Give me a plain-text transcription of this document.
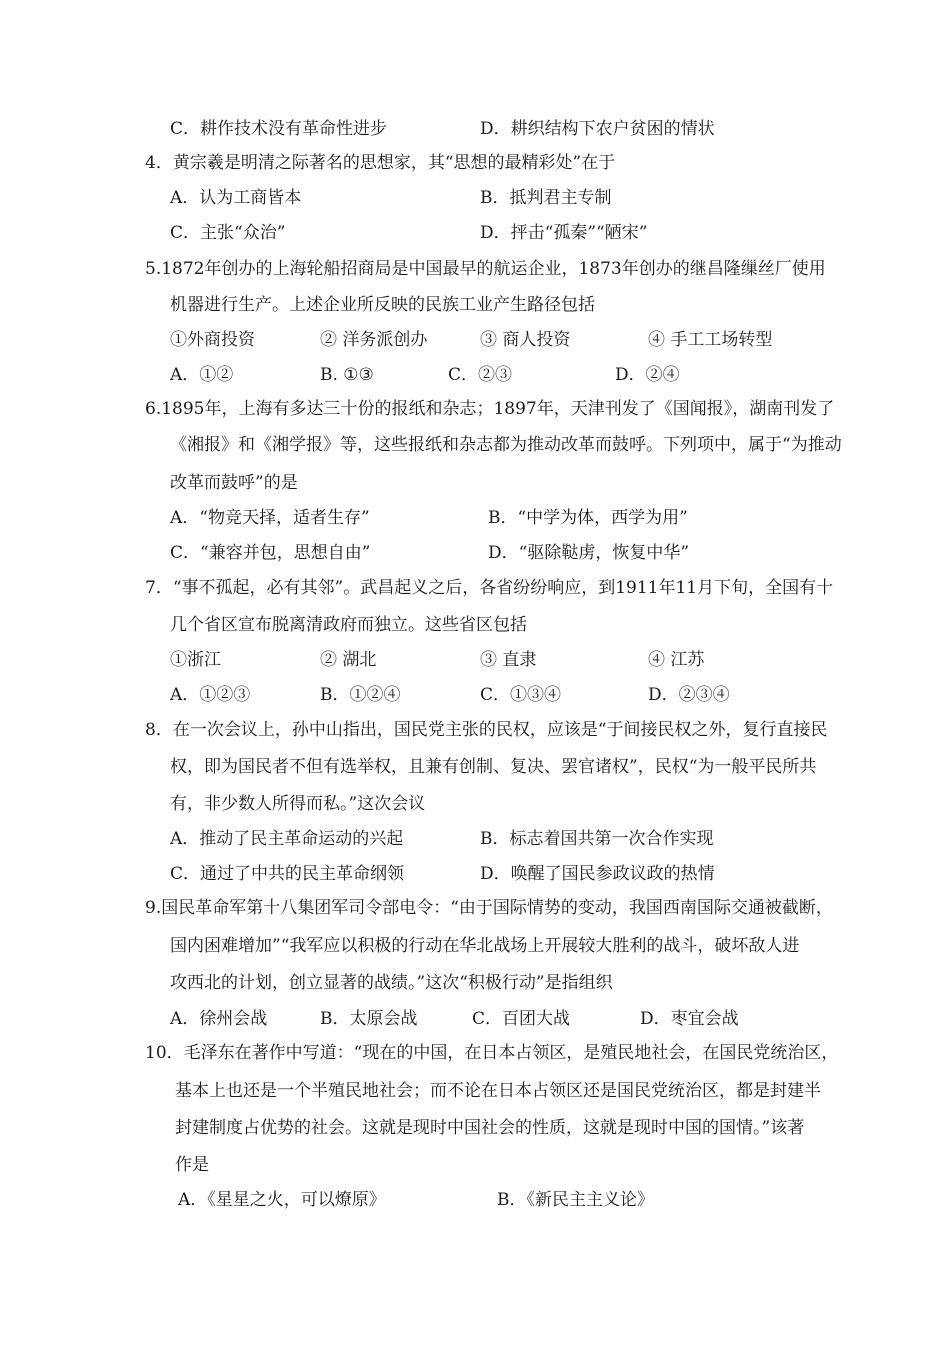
C．耕作技术没有革命性进步	D．耕织结构下农户贫困的情状
4．黄宗羲是明清之际著名的思想家，其“思想的最精彩处”在于
A．认为工商皆本	B．抵判君主专制
C．主张“众治”	D．抨击“孤秦”“陋宋”
5.1872年创办的上海轮船招商局是中国最早的航运企业，1873年创办的继昌隆缫丝厂使用
机器进行生产。上述企业所反映的民族工业产生路径包括
①外商投资	② 洋务派创办	③ 商人投资	④ 手工工场转型
A．①②	B. ①③	C．②③	D．②④
6.1895年，上海有多达三十份的报纸和杂志；1897年，天津刊发了《国闻报》，湖南刊发了
《湘报》和《湘学报》等，这些报纸和杂志都为推动改革而鼓呼。下列项中，属于“为推动
改革而鼓呼”的是
A．“物竞天择，适者生存”	B．“中学为体，西学为用”
C．“兼容并包，思想自由”	D．“驱除鞑虏，恢复中华”
7．“事不孤起，必有其邻”。武昌起义之后，各省纷纷响应，到1911年11月下旬，全国有十
几个省区宣布脱离清政府而独立。这些省区包括
①浙江	② 湖北	③ 直隶	④ 江苏
A．①②③	B．①②④	C．①③④	D．②③④
8．在一次会议上，孙中山指出，国民党主张的民权，应该是“于间接民权之外，复行直接民
权，即为国民者不但有选举权，且兼有创制、复决、罢官诸权”，民权“为一般平民所共
有，非少数人所得而私。”这次会议
A．推动了民主革命运动的兴起	B．标志着国共第一次合作实现
C．通过了中共的民主革命纲领	D．唤醒了国民参政议政的热情
9.国民革命军第十八集团军司令部电令：“由于国际情势的变动，我国西南国际交通被截断，
国内困难增加”“我军应以积极的行动在华北战场上开展较大胜利的战斗，破坏敌人进
攻西北的计划，创立显著的战绩。”这次“积极行动”是指组织
A．徐州会战	B．太原会战	C．百团大战	D．枣宜会战
10．毛泽东在著作中写道：“现在的中国，在日本占领区，是殖民地社会，在国民党统治区，
基本上也还是一个半殖民地社会；而不论在日本占领区还是国民党统治区，都是封建半
封建制度占优势的社会。这就是现时中国社会的性质，这就是现时中国的国情。”该著
作是
A．《星星之火，可以燎原》	B．《新民主主义论》
